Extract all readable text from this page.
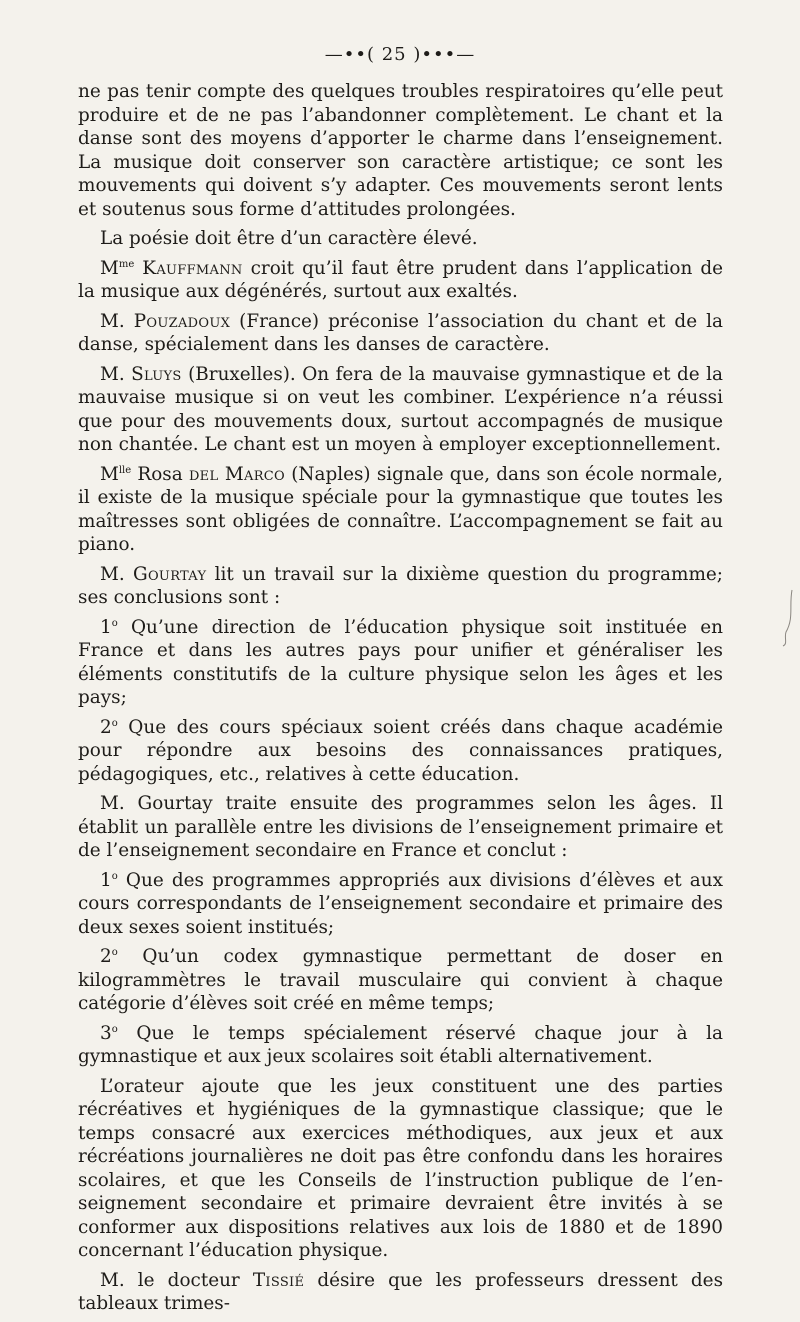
—••( 25 )•••—

ne pas tenir compte des quelques troubles respiratoires qu’elle peut produire et de ne pas l’abandonner complètement. Le chant et la danse sont des moyens d’apporter le charme dans l’enseignement. La musique doit conserver son caractère artistique; ce sont les mouvements qui doivent s’y adapter. Ces mouvements seront lents et soutenus sous forme d’attitudes prolongées.

La poésie doit être d’un caractère élevé.

$M^{me}$ Kauffmann croit qu’il faut être prudent dans l’application de la musique aux dégénérés, surtout aux exaltés.

M. Pouzadoux (France) préconise l’association du chant et de la danse, spécialement dans les danses de caractère.

M. Sluys (Bruxelles). On fera de la mauvaise gymnastique et de la mauvaise musique si on veut les combiner. L’expérience n’a réussi que pour des mouvements doux, surtout accompagnés de musique non chantée. Le chant est un moyen à employer exceptionnellement.

$M^{lle}$ Rosa del Marco (Naples) signale que, dans son école normale, il existe de la musique spéciale pour la gymnastique que toutes les maîtresses sont obligées de connaître. L’accompagnement se fait au piano.

M. Gourtay lit un travail sur la dixième question du programme; ses conclusions sont :

1$^o$ Qu’une direction de l’éducation physique soit instituée en France et dans les autres pays pour unifier et généraliser les éléments constitutifs de la culture physique selon les âges et les pays;

2$^o$ Que des cours spéciaux soient créés dans chaque académie pour répondre aux besoins des connaissances pratiques, pédagogiques, etc., relatives à cette éducation.

M. Gourtay traite ensuite des programmes selon les âges. Il établit un parallèle entre les divisions de l’enseignement primaire et de l’enseignement secondaire en France et conclut :

1$^o$ Que des programmes appropriés aux divisions d’élèves et aux cours correspondants de l’enseignement secondaire et primaire des deux sexes soient institués;

2$^o$ Qu’un codex gymnastique permettant de doser en kilogrammètres le travail musculaire qui convient à chaque catégorie d’élèves soit créé en même temps;

3$^o$ Que le temps spécialement réservé chaque jour à la gymnastique et aux jeux scolaires soit établi alternativement.

L’orateur ajoute que les jeux constituent une des parties récréatives et hygiéniques de la gymnastique classique; que le temps consacré aux exercices méthodiques, aux jeux et aux récréations journalières ne doit pas être confondu dans les horaires scolaires, et que les Conseils de l’instruction publique de l’enseignement secondaire et primaire devraient être invités à se conformer aux dispositions relatives aux lois de 1880 et de 1890 concernant l’éducation physique.

M. le docteur Tissié désire que les professeurs dressent des tableaux trimes-
